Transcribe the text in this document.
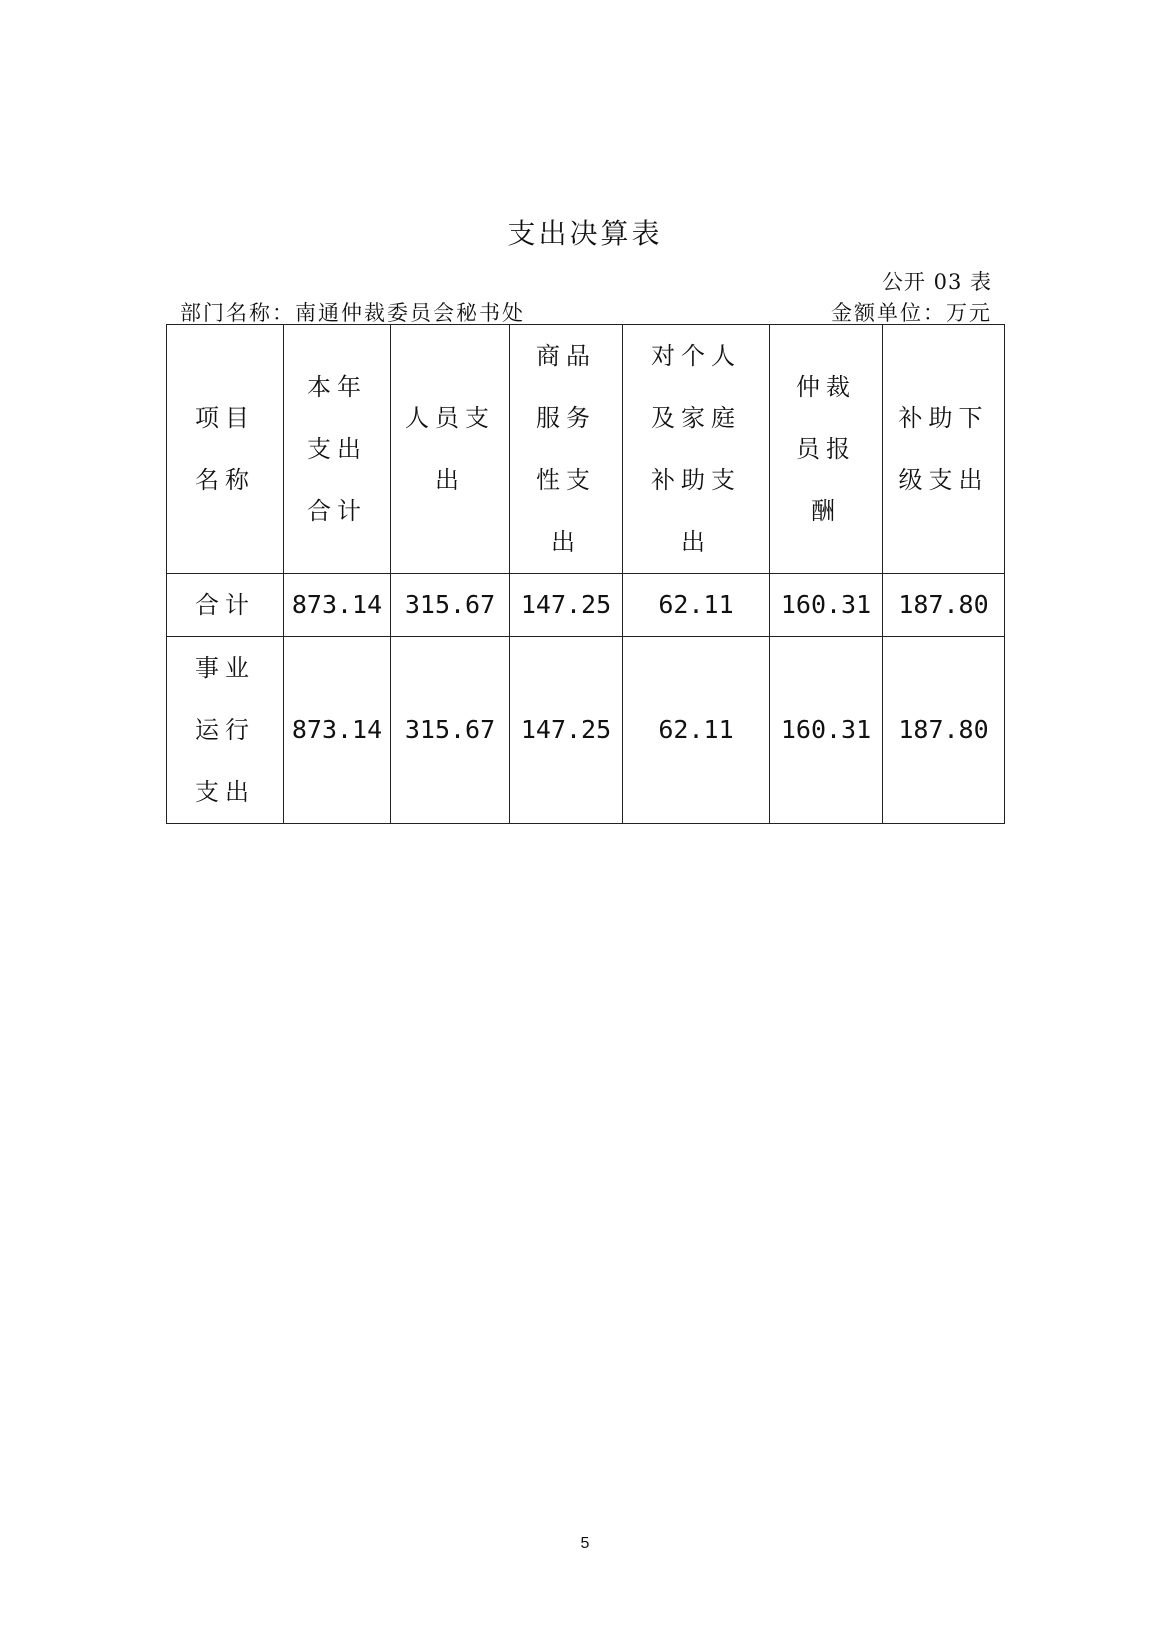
支出决算表
公开 03 表
部门名称：南通仲裁委员会秘书处	金额单位：万元
项目名称	本年支出合计	人员支出	商品服务性支出	对个人及家庭补助支出	仲裁员报酬	补助下级支出
合计	873.14	315.67	147.25	62.11	160.31	187.80
事业运行支出	873.14	315.67	147.25	62.11	160.31	187.80
5
